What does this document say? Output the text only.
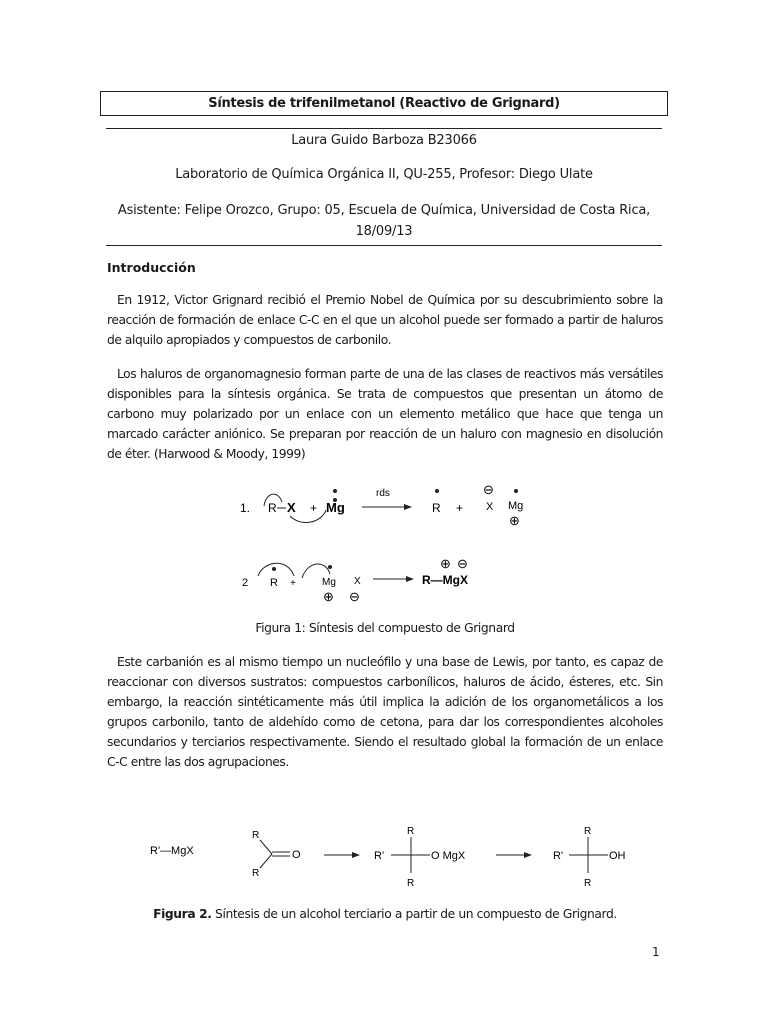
Síntesis de trifenilmetanol (Reactivo de Grignard)
Laura Guido Barboza B23066
Laboratorio de Química Orgánica II, QU-255, Profesor: Diego Ulate
Asistente: Felipe Orozco, Grupo: 05, Escuela de Química, Universidad de Costa Rica,
18/09/13
Introducción
En 1912, Victor Grignard recibió el Premio Nobel de Química por su descubrimiento sobre la reacción de formación de enlace C-C en el que un alcohol puede ser formado a partir de haluros de alquilo apropiados y compuestos de carbonilo.
Los haluros de organomagnesio forman parte de una de las clases de reactivos más versátiles disponibles para la síntesis orgánica. Se trata de compuestos que presentan un átomo de carbono muy polarizado por un enlace con un elemento metálico que hace que tenga un marcado carácter aniónico. Se preparan por reacción de un haluro con magnesio en disolución de éter. (Harwood & Moody, 1999)
1. R X + Mg
rds
R +
⊖
X Mg
⊕
2 R +	Mg
⊕
X
⊖
R—MgX
⊕ ⊖
Figura 1: Síntesis del compuesto de Grignard
Este carbanión es al mismo tiempo un nucleófilo y una base de Lewis, por tanto, es capaz de reaccionar con diversos sustratos: compuestos carbonílicos, haluros de ácido, ésteres, etc. Sin embargo, la reacción sintéticamente más útil implica la adición de los organometálicos a los grupos carbonilo, tanto de aldehído como de cetona, para dar los correspondientes alcoholes secundarios y terciarios respectivamente. Siendo el resultado global la formación de un enlace C-C entre las dos agrupaciones.
R'—MgX
R
R
O	R'
R
R
O MgX	R'
R
R
OH
Figura 2. Síntesis de un alcohol terciario a partir de un compuesto de Grignard.
1
